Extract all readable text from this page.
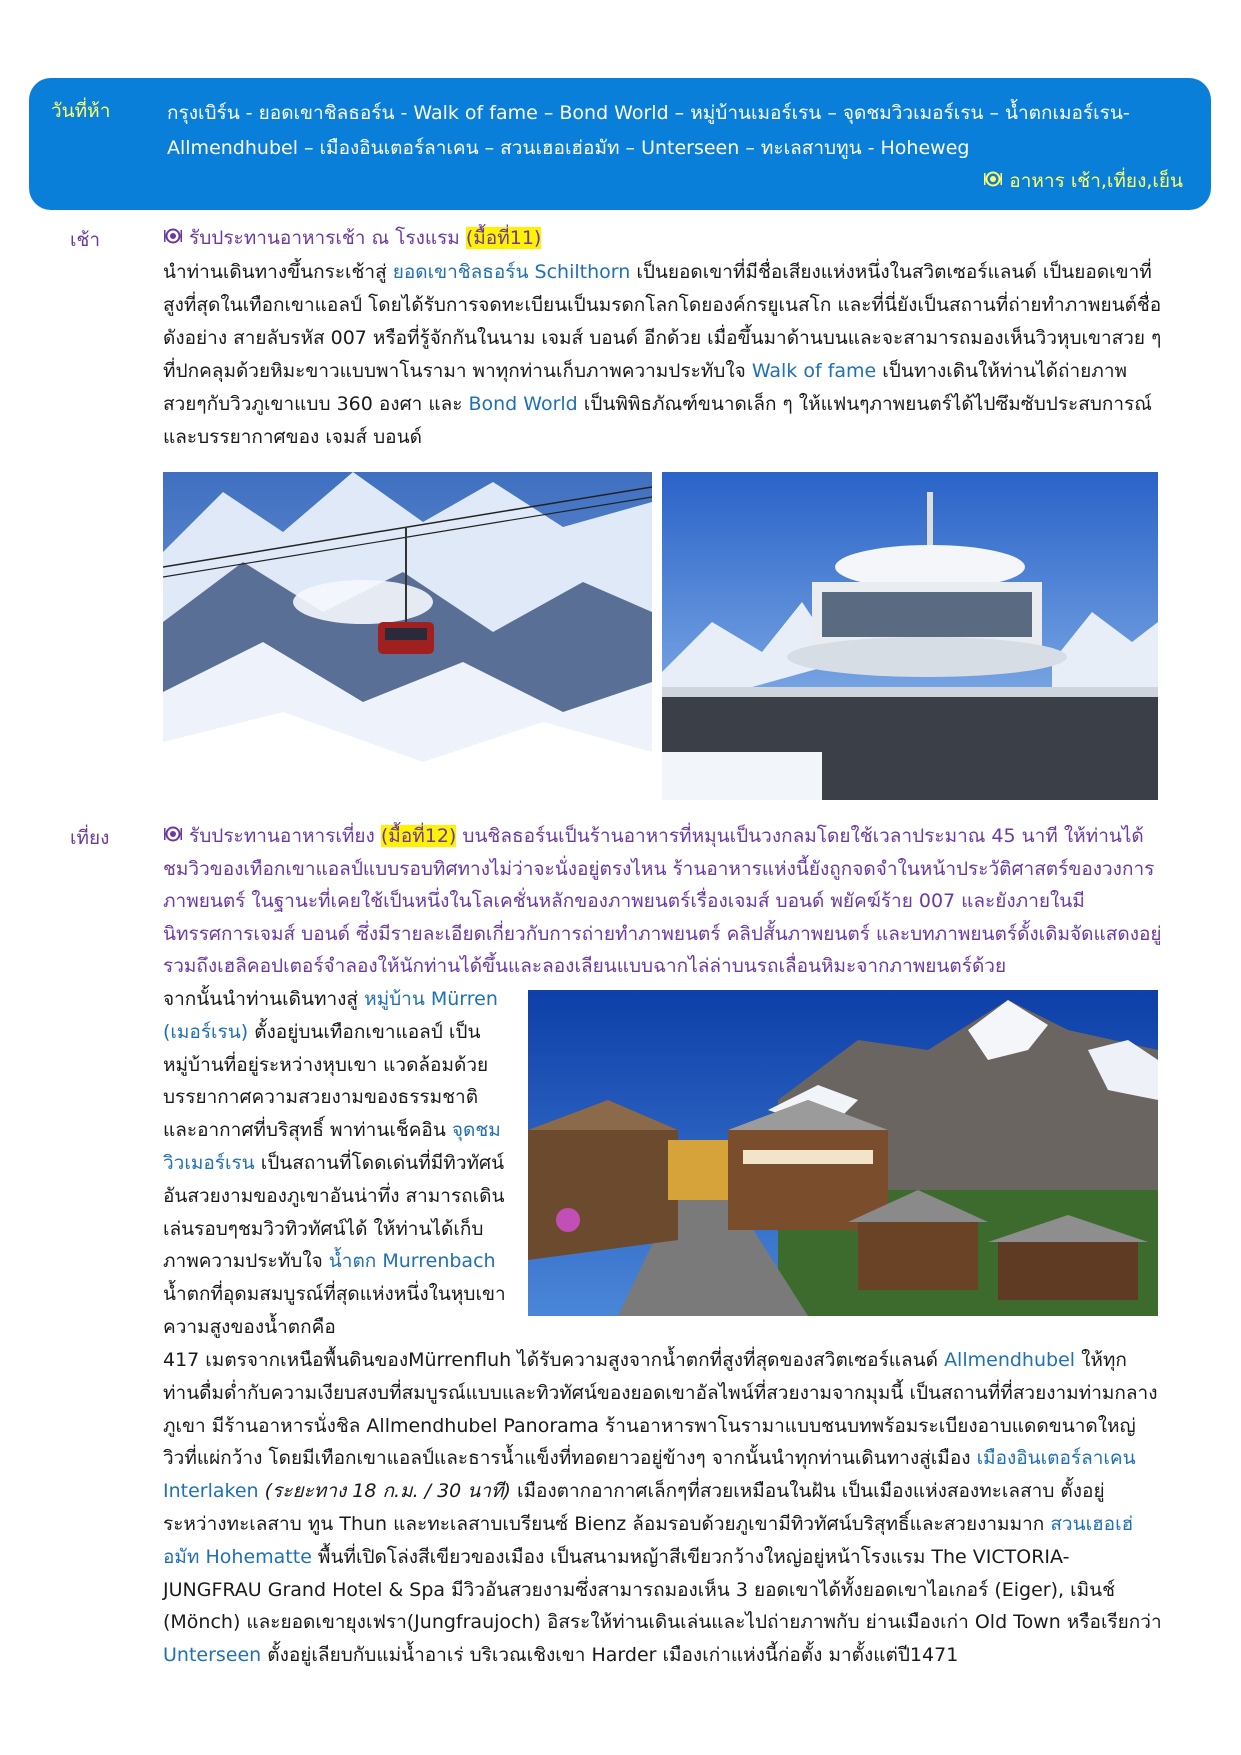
วันที่ห้า	กรุงเบิร์น - ยอดเขาชิลธอร์น - Walk of fame – Bond World – หมู่บ้านเมอร์เรน – จุดชมวิวเมอร์เรน – น้ำตกเมอร์เรน-
Allmendhubel – เมืองอินเตอร์ลาเคน – สวนเฮอเฮ่อมัท – Unterseen – ทะเลสาบทูน - Hoheweg
อาหาร เช้า,เที่ยง,เย็น
เช้า	รับประทานอาหารเช้า ณ โรงแรม (มื้อที่11)
นำท่านเดินทางขึ้นกระเช้าสู่ ยอดเขาชิลธอร์น Schilthorn เป็นยอดเขาที่มีชื่อเสียงแห่งหนึ่งในสวิตเซอร์แลนด์ เป็นยอดเขาที่สูงที่สุดในเทือกเขาแอลป์ โดยได้รับการจดทะเบียนเป็นมรดกโลกโดยองค์กรยูเนสโก และที่นี่ยังเป็นสถานที่ถ่ายทำภาพยนต์ชื่อดังอย่าง สายลับรหัส 007 หรือที่รู้จักกันในนาม เจมส์ บอนด์ อีกด้วย เมื่อขึ้นมาด้านบนและจะสามารถมองเห็นวิวหุบเขาสวย ๆ ที่ปกคลุมด้วยหิมะขาวแบบพาโนรามา พาทุกท่านเก็บภาพความประทับใจ Walk of fame เป็นทางเดินให้ท่านได้ถ่ายภาพสวยๆกับวิวภูเขาแบบ 360 องศา และ Bond World เป็นพิพิธภัณฑ์ขนาดเล็ก ๆ ให้แฟนๆภาพยนตร์ได้ไปซึมซับประสบการณ์และบรรยากาศของ เจมส์ บอนด์
เที่ยง	รับประทานอาหารเที่ยง (มื้อที่12) บนชิลธอร์นเป็นร้านอาหารที่หมุนเป็นวงกลมโดยใช้เวลาประมาณ 45 นาที ให้ท่านได้ชมวิวของเทือกเขาแอลป์แบบรอบทิศทางไม่ว่าจะนั่งอยู่ตรงไหน ร้านอาหารแห่งนี้ยังถูกจดจำในหน้าประวัติศาสตร์ของวงการภาพยนตร์ ในฐานะที่เคยใช้เป็นหนึ่งในโลเคชั่นหลักของภาพยนตร์เรื่องเจมส์ บอนด์ พยัคฆ์ร้าย 007 และยังภายในมีนิทรรศการเจมส์ บอนด์ ซึ่งมีรายละเอียดเกี่ยวกับการถ่ายทำภาพยนตร์ คลิปสั้นภาพยนตร์ และบทภาพยนตร์ดั้งเดิมจัดแสดงอยู่ รวมถึงเฮลิคอปเตอร์จำลองให้นักท่านได้ขึ้นและลองเลียนแบบฉากไล่ล่าบนรถเลื่อนหิมะจากภาพยนตร์ด้วย
จากนั้นนำท่านเดินทางสู่ หมู่บ้าน Mürren (เมอร์เรน) ตั้งอยู่บนเทือกเขาแอลป์ เป็นหมู่บ้านที่อยู่ระหว่างหุบเขา แวดล้อมด้วยบรรยากาศความสวยงามของธรรมชาติ และอากาศที่บริสุทธิ์ พาท่านเช็คอิน จุดชมวิวเมอร์เรน เป็นสถานที่โดดเด่นที่มีทิวทัศน์อันสวยงามของภูเขาอันน่าทึ่ง สามารถเดินเล่นรอบๆชมวิวทิวทัศน์ได้ ให้ท่านได้เก็บภาพความประทับใจ น้ำตก Murrenbach น้ำตกที่อุดมสมบูรณ์ที่สุดแห่งหนึ่งในหุบเขา ความสูงของน้ำตกคือ
417 เมตรจากเหนือพื้นดินของMürrenfluh ได้รับความสูงจากน้ำตกที่สูงที่สุดของสวิตเซอร์แลนด์ Allmendhubel ให้ทุกท่านดื่มด่ำกับความเงียบสงบที่สมบูรณ์แบบและทิวทัศน์ของยอดเขาอัลไพน์ที่สวยงามจากมุมนี้ เป็นสถานที่ที่สวยงามท่ามกลางภูเขา มีร้านอาหารนั่งชิล Allmendhubel Panorama ร้านอาหารพาโนรามาแบบชนบทพร้อมระเบียงอาบแดดขนาดใหญ่ วิวที่แผ่กว้าง โดยมีเทือกเขาแอลป์และธารน้ำแข็งที่ทอดยาวอยู่ข้างๆ จากนั้นนำทุกท่านเดินทางสู่เมือง เมืองอินเตอร์ลาเคน Interlaken (ระยะทาง 18 ก.ม. / 30 นาที) เมืองตากอากาศเล็กๆที่สวยเหมือนในฝัน เป็นเมืองแห่งสองทะเลสาบ ตั้งอยู่ระหว่างทะเลสาบ ทูน Thun และทะเลสาบเบรียนซ์ Bienz ล้อมรอบด้วยภูเขามีทิวทัศน์บริสุทธิ์และสวยงามมาก สวนเฮอเฮ่อมัท Hohematte พื้นที่เปิดโล่งสีเขียวของเมือง เป็นสนามหญ้าสีเขียวกว้างใหญ่อยู่หน้าโรงแรม The VICTORIA-JUNGFRAU Grand Hotel & Spa มีวิวอันสวยงามซึ่งสามารถมองเห็น 3 ยอดเขาได้ทั้งยอดเขาไอเกอร์ (Eiger), เมินช์ (Mönch) และยอดเขายุงเฟรา(Jungfraujoch) อิสระให้ท่านเดินเล่นและไปถ่ายภาพกับ ย่านเมืองเก่า Old Town หรือเรียกว่า Unterseen ตั้งอยู่เลียบกับแม่น้ำอาเร่ บริเวณเชิงเขา Harder เมืองเก่าแห่งนี้ก่อตั้ง มาตั้งแต่ปี1471
